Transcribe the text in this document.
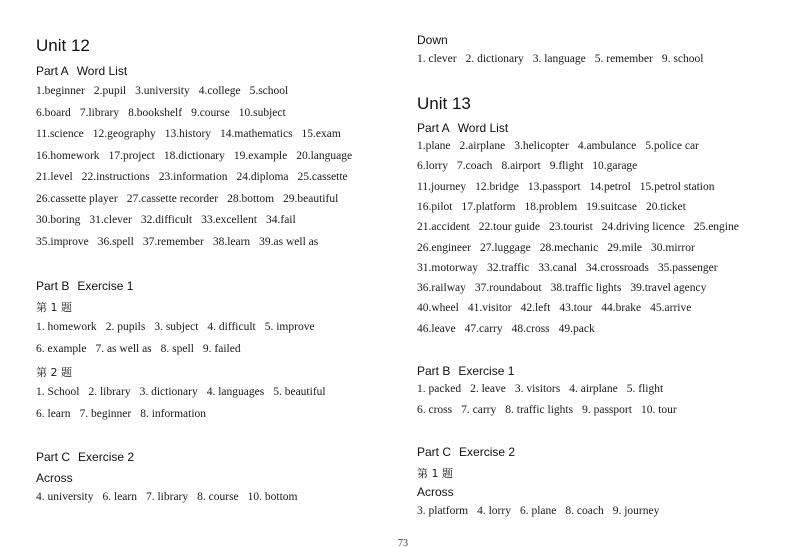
Unit 12
Part A Word List
1.beginner 2.pupil 3.university 4.college 5.school
6.board 7.library 8.bookshelf 9.course 10.subject
11.science 12.geography 13.history 14.mathematics 15.exam
16.homework 17.project 18.dictionary 19.example 20.language
21.level 22.instructions 23.information 24.diploma 25.cassette
26.cassette player 27.cassette recorder 28.bottom 29.beautiful
30.boring 31.clever 32.difficult 33.excellent 34.fail
35.improve 36.spell 37.remember 38.learn 39.as well as
Part B Exercise 1
第 1 题
1. homework 2. pupils 3. subject 4. difficult 5. improve
6. example 7. as well as 8. spell 9. failed
第 2 题
1. School 2. library 3. dictionary 4. languages 5. beautiful
6. learn 7. beginner 8. information
Part C Exercise 2
Across
4. university 6. learn 7. library 8. course 10. bottom
Down
1. clever 2. dictionary 3. language 5. remember 9. school
Unit 13
Part A Word List
1.plane 2.airplane 3.helicopter 4.ambulance 5.police car
6.lorry 7.coach 8.airport 9.flight 10.garage
11.journey 12.bridge 13.passport 14.petrol 15.petrol station
16.pilot 17.platform 18.problem 19.suitcase 20.ticket
21.accident 22.tour guide 23.tourist 24.driving licence 25.engine
26.engineer 27.luggage 28.mechanic 29.mile 30.mirror
31.motorway 32.traffic 33.canal 34.crossroads 35.passenger
36.railway 37.roundabout 38.traffic lights 39.travel agency
40.wheel 41.visitor 42.left 43.tour 44.brake 45.arrive
46.leave 47.carry 48.cross 49.pack
Part B Exercise 1
1. packed 2. leave 3. visitors 4. airplane 5. flight
6. cross 7. carry 8. traffic lights 9. passport 10. tour
Part C Exercise 2
第 1 题
Across
3. platform 4. lorry 6. plane 8. coach 9. journey
73
